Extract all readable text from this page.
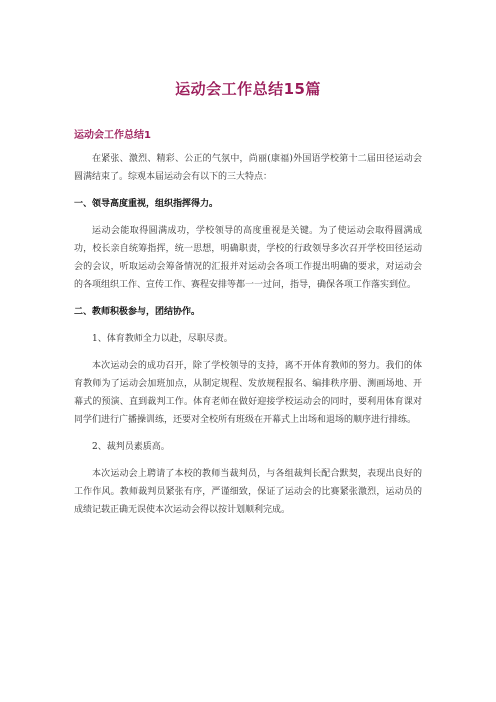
运动会工作总结15篇
运动会工作总结1

在紧张、激烈、精彩、公正的气氛中，尚丽(康福)外国语学校第十二届田径运动会圆满结束了。综观本届运动会有以下的三大特点：

一、领导高度重视，组织指挥得力。

运动会能取得圆满成功，学校领导的高度重视是关键。为了使运动会取得圆满成功，校长亲自统筹指挥，统一思想，明确职责，学校的行政领导多次召开学校田径运动会的会议，听取运动会筹备情况的汇报并对运动会各项工作提出明确的要求，对运动会的各项组织工作、宣传工作、赛程安排等都一一过问，指导，确保各项工作落实到位。

二、教师积极参与，团结协作。

1、体育教师全力以赴，尽职尽责。

本次运动会的成功召开，除了学校领导的支持，离不开体育教师的努力。我们的体育教师为了运动会加班加点，从制定规程、发放规程报名、编排秩序册、测画场地、开幕式的预演、直到裁判工作。体育老师在做好迎接学校运动会的同时，要利用体育课对同学们进行广播操训练，还要对全校所有班级在开幕式上出场和退场的顺序进行排练。

2、裁判员素质高。

本次运动会上聘请了本校的教师当裁判员，与各组裁判长配合默契，表现出良好的工作作风。教师裁判员紧张有序，严谨细致，保证了运动会的比赛紧张激烈，运动员的成绩记载正确无误使本次运动会得以按计划顺利完成。
